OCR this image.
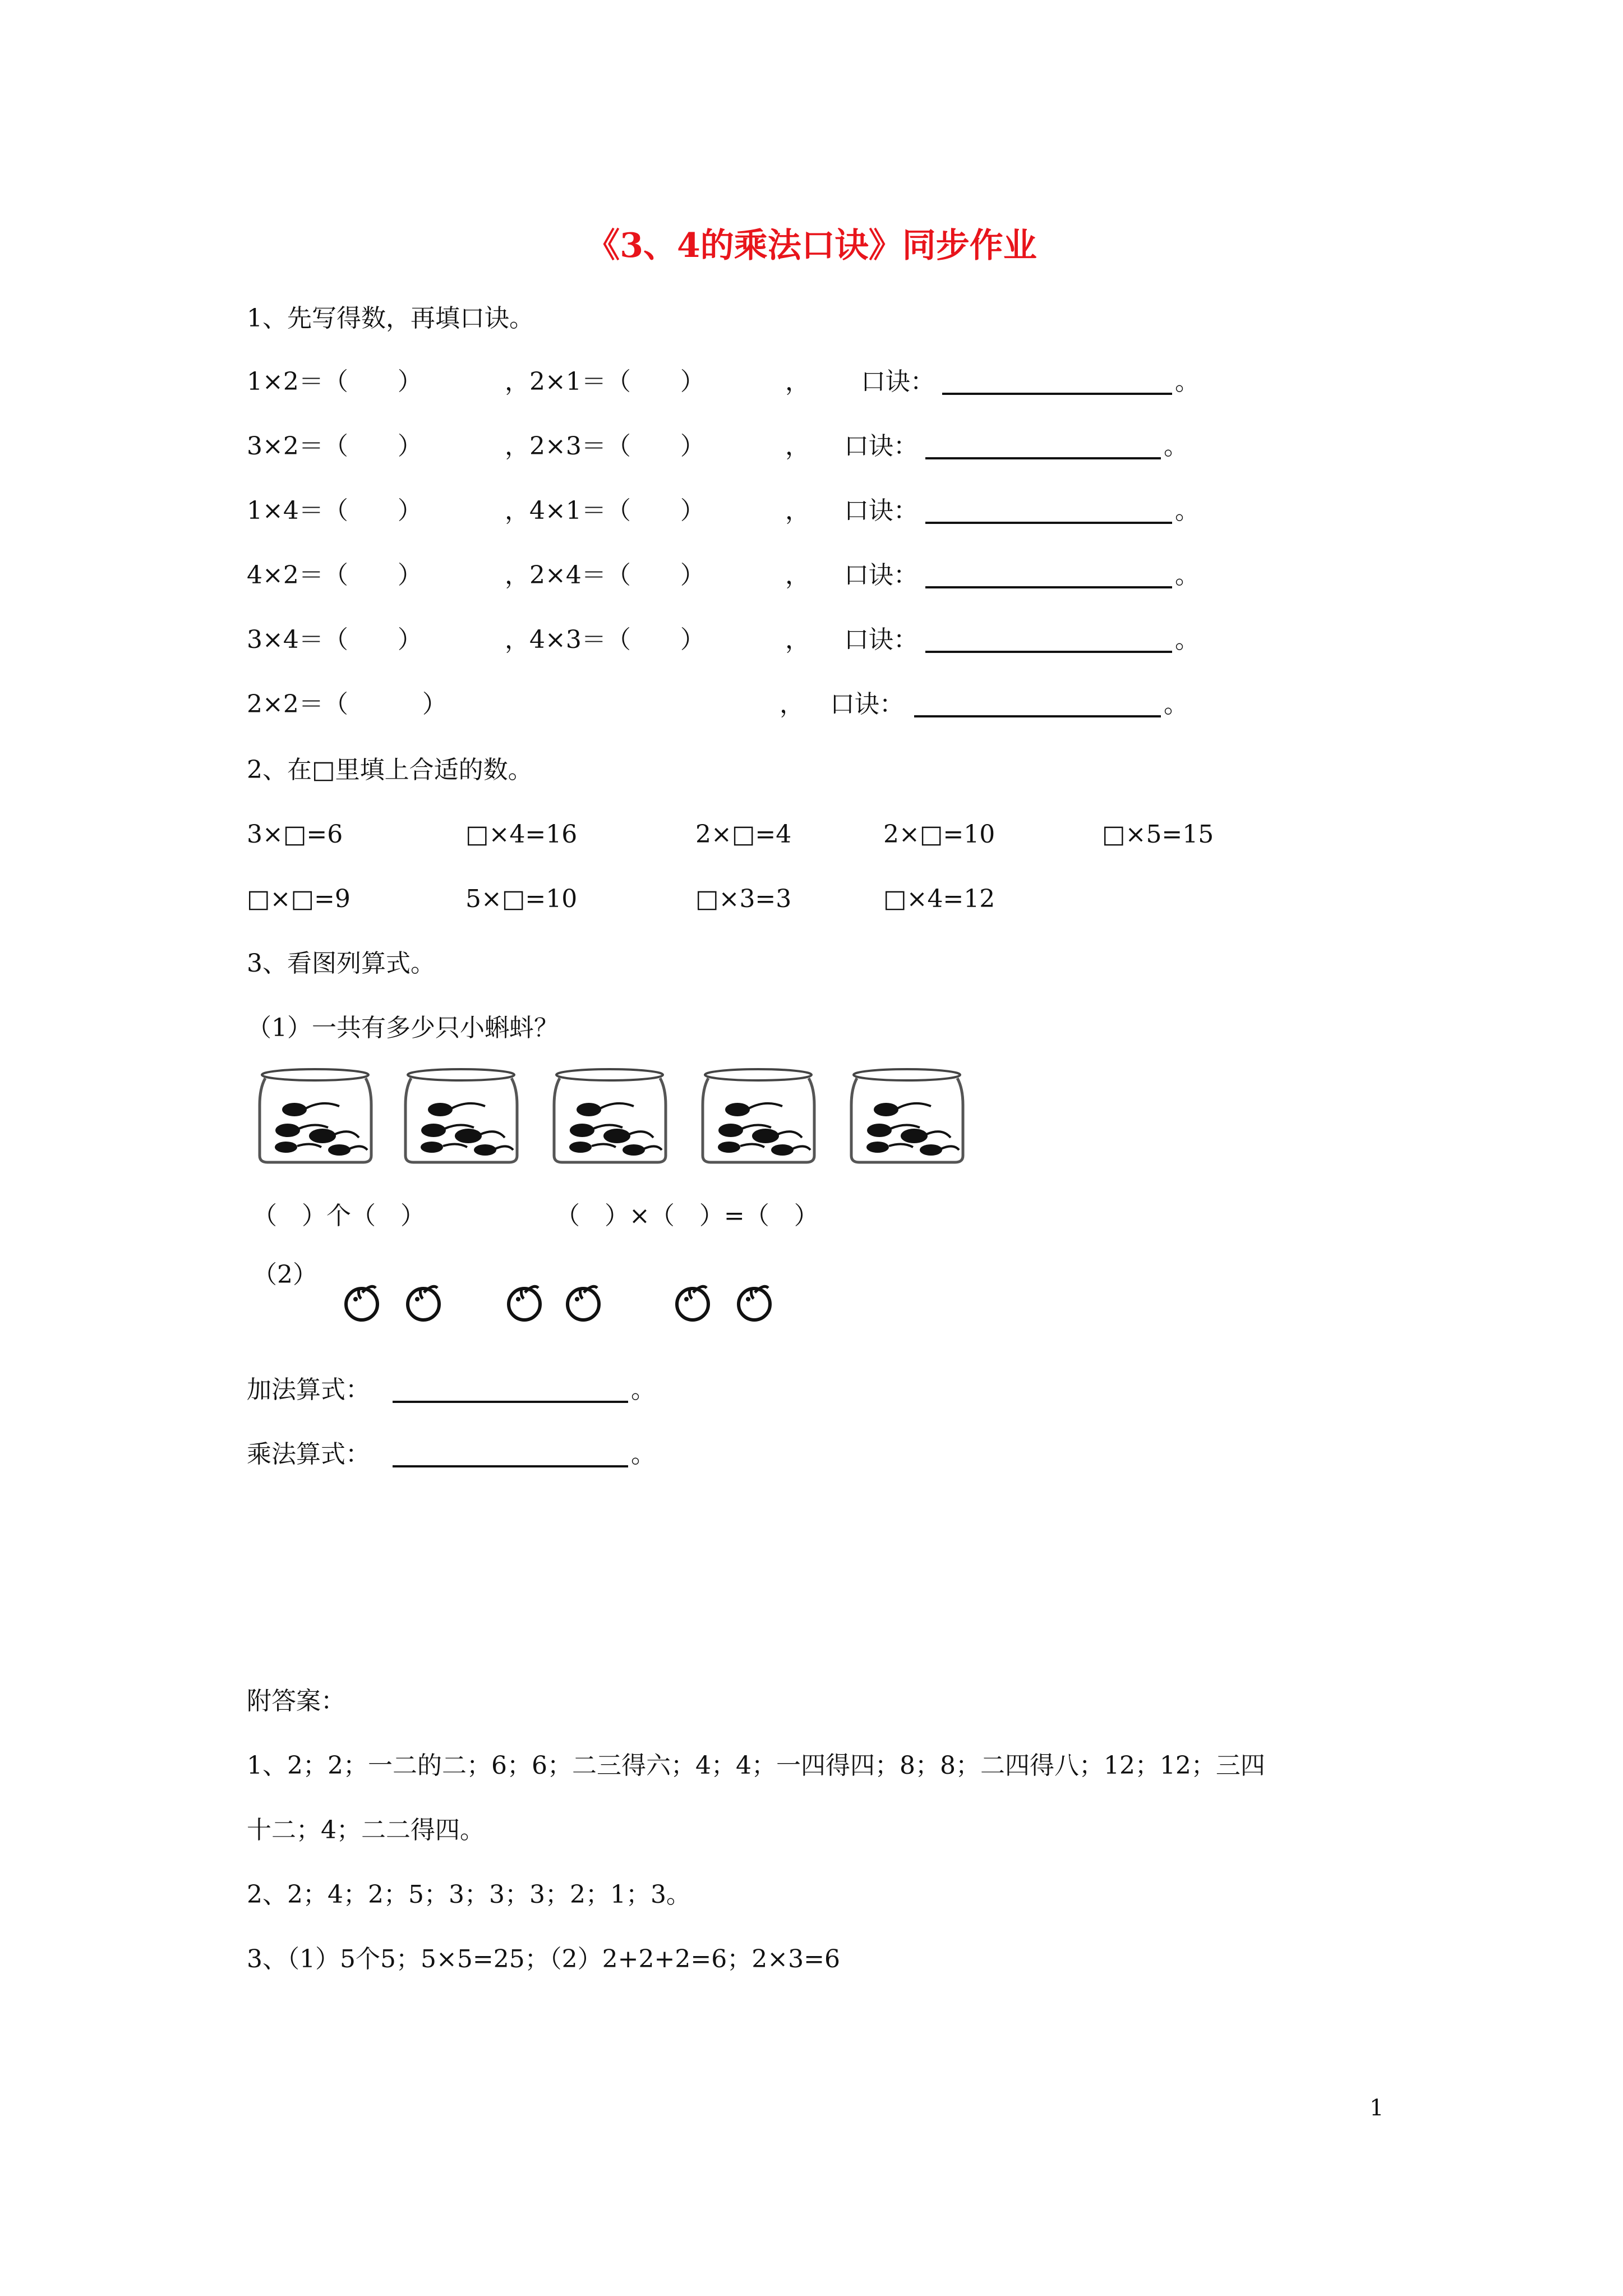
《3、4的乘法口诀》同步作业
1、先写得数，再填口诀。
1×2＝（　　）	，2×1＝（　　）	， 口诀：	。
3×2＝（　　）	，2×3＝（　　）	， 口诀：	。
1×4＝（　　）	，4×1＝（　　）	， 口诀：	。
4×2＝（　　）	，2×4＝（　　）	， 口诀：	。
3×4＝（　　）	，4×3＝（　　）	， 口诀：	。
2×2＝（　　　）	， 口诀：	。
2、在□里填上合适的数。
3×□=6	□×4=16	2×□=4	2×□=10	□×5=15
□×□=9	5×□=10	□×3=3	□×4=12
3、看图列算式。
（1）一共有多少只小蝌蚪？
（　）个（　）	（　）×（　）=（　）
（2）
加法算式：	。
乘法算式：	。
附答案：
1、2；2；一二的二；6；6；二三得六；4；4；一四得四；8；8；二四得八；12；12；三四
十二；4；二二得四。
2、2；4；2；5；3；3；3；2；1；3。
3、（1）5个5；5×5=25；（2）2+2+2=6；2×3=6
1
